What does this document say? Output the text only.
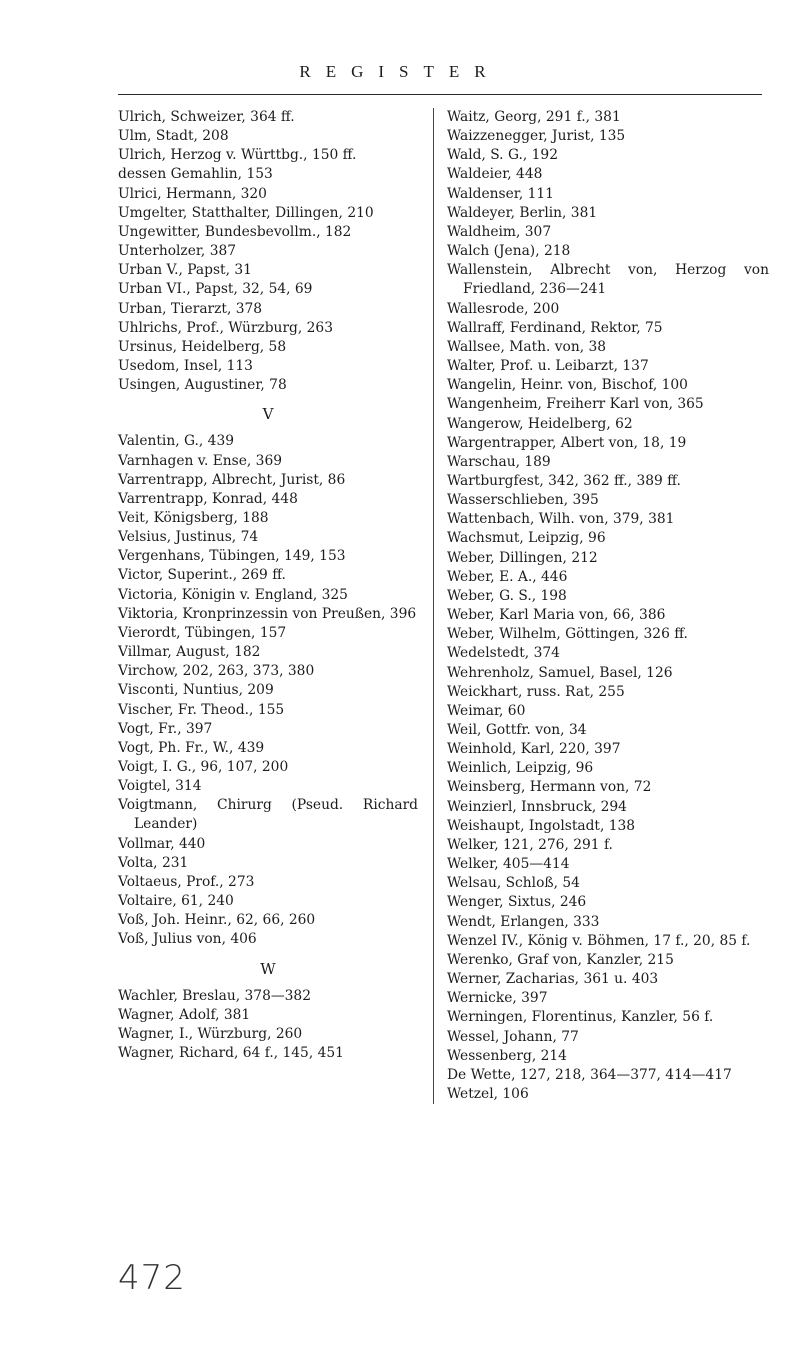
REGISTER
Ulrich, Schweizer, 364 ff.
Ulm, Stadt, 208
Ulrich, Herzog v. Württbg., 150 ff.
dessen Gemahlin, 153
Ulrici, Hermann, 320
Umgelter, Statthalter, Dillingen, 210
Ungewitter, Bundesbevollm., 182
Unterholzer, 387
Urban V., Papst, 31
Urban VI., Papst, 32, 54, 69
Urban, Tierarzt, 378
Uhlrichs, Prof., Würzburg, 263
Ursinus, Heidelberg, 58
Usedom, Insel, 113
Usingen, Augustiner, 78
V
Valentin, G., 439
Varnhagen v. Ense, 369
Varrentrapp, Albrecht, Jurist, 86
Varrentrapp, Konrad, 448
Veit, Königsberg, 188
Velsius, Justinus, 74
Vergenhans, Tübingen, 149, 153
Victor, Superint., 269 ff.
Victoria, Königin v. England, 325
Viktoria, Kronprinzessin von Preußen, 396
Vierordt, Tübingen, 157
Villmar, August, 182
Virchow, 202, 263, 373, 380
Visconti, Nuntius, 209
Vischer, Fr. Theod., 155
Vogt, Fr., 397
Vogt, Ph. Fr., W., 439
Voigt, I. G., 96, 107, 200
Voigtel, 314
Voigtmann, Chirurg (Pseud. Richard Leander)
Vollmar, 440
Volta, 231
Voltaeus, Prof., 273
Voltaire, 61, 240
Voß, Joh. Heinr., 62, 66, 260
Voß, Julius von, 406
W
Wachler, Breslau, 378—382
Wagner, Adolf, 381
Wagner, I., Würzburg, 260
Wagner, Richard, 64 f., 145, 451
Waitz, Georg, 291 f., 381
Waizzenegger, Jurist, 135
Wald, S. G., 192
Waldeier, 448
Waldenser, 111
Waldeyer, Berlin, 381
Waldheim, 307
Walch (Jena), 218
Wallenstein, Albrecht von, Herzog von Friedland, 236—241
Wallesrode, 200
Wallraff, Ferdinand, Rektor, 75
Wallsee, Math. von, 38
Walter, Prof. u. Leibarzt, 137
Wangelin, Heinr. von, Bischof, 100
Wangenheim, Freiherr Karl von, 365
Wangerow, Heidelberg, 62
Wargentrapper, Albert von, 18, 19
Warschau, 189
Wartburgfest, 342, 362 ff., 389 ff.
Wasserschlieben, 395
Wattenbach, Wilh. von, 379, 381
Wachsmut, Leipzig, 96
Weber, Dillingen, 212
Weber, E. A., 446
Weber, G. S., 198
Weber, Karl Maria von, 66, 386
Weber, Wilhelm, Göttingen, 326 ff.
Wedelstedt, 374
Wehrenholz, Samuel, Basel, 126
Weickhart, russ. Rat, 255
Weimar, 60
Weil, Gottfr. von, 34
Weinhold, Karl, 220, 397
Weinlich, Leipzig, 96
Weinsberg, Hermann von, 72
Weinzierl, Innsbruck, 294
Weishaupt, Ingolstadt, 138
Welker, 121, 276, 291 f.
Welker, 405—414
Welsau, Schloß, 54
Wenger, Sixtus, 246
Wendt, Erlangen, 333
Wenzel IV., König v. Böhmen, 17 f., 20, 85 f.
Werenko, Graf von, Kanzler, 215
Werner, Zacharias, 361 u. 403
Wernicke, 397
Werningen, Florentinus, Kanzler, 56 f.
Wessel, Johann, 77
Wessenberg, 214
De Wette, 127, 218, 364—377, 414—417
Wetzel, 106
472
